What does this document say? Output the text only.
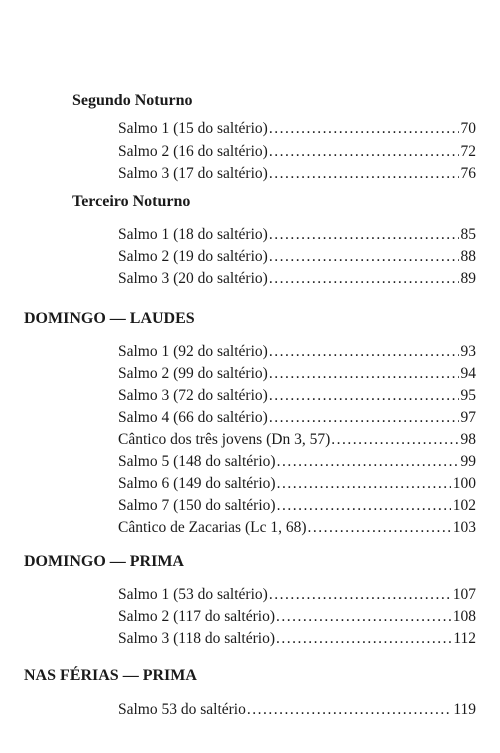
Segundo Noturno
Salmo 1 (15 do saltério) .....	70
Salmo 2 (16 do saltério) .....	72
Salmo 3 (17 do saltério) .....	76
Terceiro Noturno
Salmo 1 (18 do saltério) .....	85
Salmo 2 (19 do saltério) .....	88
Salmo 3 (20 do saltério) .....	89
DOMINGO — LAUDES
Salmo 1 (92 do saltério) .....	93
Salmo 2 (99 do saltério) .....	94
Salmo 3 (72 do saltério) .....	95
Salmo 4 (66 do saltério) .....	97
Cântico dos três jovens (Dn 3, 57) .....	98
Salmo 5 (148 do saltério) .....	99
Salmo 6 (149 do saltério) .....	100
Salmo 7 (150 do saltério) .....	102
Cântico de Zacarias (Lc 1, 68) .....	103
DOMINGO — PRIMA
Salmo 1 (53 do saltério) .....	107
Salmo 2 (117 do saltério) .....	108
Salmo 3 (118 do saltério) .....	112
NAS FÉRIAS — PRIMA
Salmo 53 do saltério .....	119
